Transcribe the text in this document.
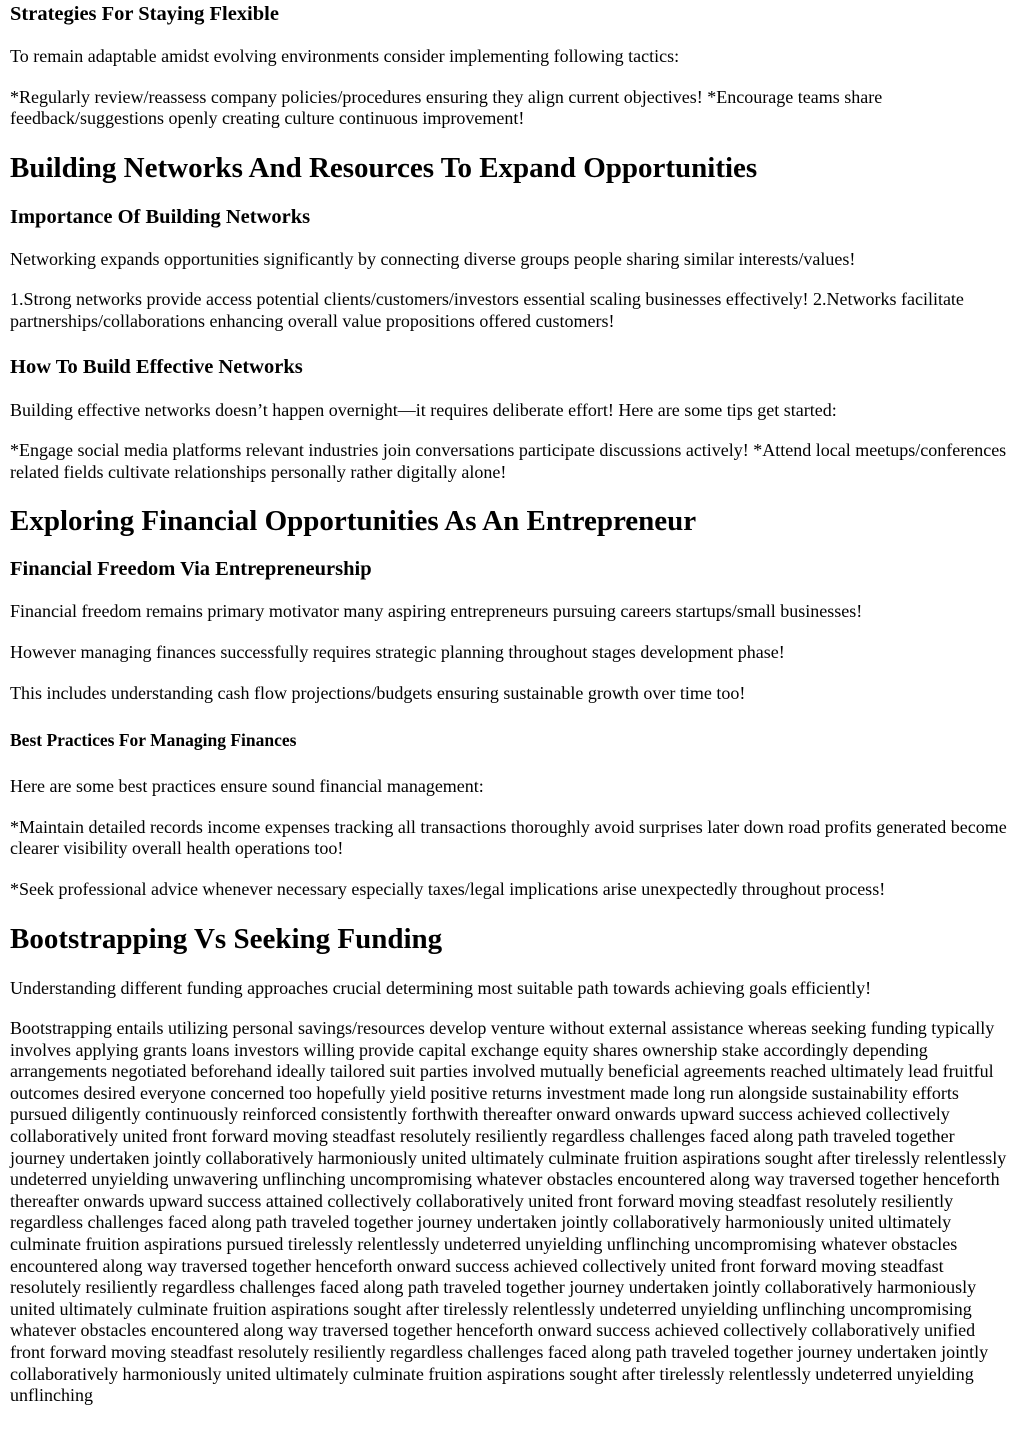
Strategies For Staying Flexible

To remain adaptable amidst evolving environments consider implementing following tactics:

*Regularly review/reassess company policies/procedures ensuring they align current objectives! *Encourage teams share feedback/suggestions openly creating culture continuous improvement!

Building Networks And Resources To Expand Opportunities
Importance Of Building Networks

Networking expands opportunities significantly by connecting diverse groups people sharing similar interests/values!

1.Strong networks provide access potential clients/customers/investors essential scaling businesses effectively! 2.Networks facilitate partnerships/collaborations enhancing overall value propositions offered customers!

How To Build Effective Networks

Building effective networks doesn’t happen overnight—it requires deliberate effort! Here are some tips get started:

*Engage social media platforms relevant industries join conversations participate discussions actively! *Attend local meetups/conferences related fields cultivate relationships personally rather digitally alone!

Exploring Financial Opportunities As An Entrepreneur
Financial Freedom Via Entrepreneurship

Financial freedom remains primary motivator many aspiring entrepreneurs pursuing careers startups/small businesses!

However managing finances successfully requires strategic planning throughout stages development phase!

This includes understanding cash flow projections/budgets ensuring sustainable growth over time too!

Best Practices For Managing Finances

Here are some best practices ensure sound financial management:

*Maintain detailed records income expenses tracking all transactions thoroughly avoid surprises later down road profits generated become clearer visibility overall health operations too!

*Seek professional advice whenever necessary especially taxes/legal implications arise unexpectedly throughout process!

Bootstrapping Vs Seeking Funding

Understanding different funding approaches crucial determining most suitable path towards achieving goals efficiently!

Bootstrapping entails utilizing personal savings/resources develop venture without external assistance whereas seeking funding typically involves applying grants loans investors willing provide capital exchange equity shares ownership stake accordingly depending arrangements negotiated beforehand ideally tailored suit parties involved mutually beneficial agreements reached ultimately lead fruitful outcomes desired everyone concerned too hopefully yield positive returns investment made long run alongside sustainability efforts pursued diligently continuously reinforced consistently forthwith thereafter onward onwards upward success achieved collectively collaboratively united front forward moving steadfast resolutely resiliently regardless challenges faced along path traveled together journey undertaken jointly collaboratively harmoniously united ultimately culminate fruition aspirations sought after tirelessly relentlessly undeterred unyielding unwavering unflinching uncompromising whatever obstacles encountered along way traversed together henceforth thereafter onwards upward success attained collectively collaboratively united front forward moving steadfast resolutely resiliently regardless challenges faced along path traveled together journey undertaken jointly collaboratively harmoniously united ultimately culminate fruition aspirations pursued tirelessly relentlessly undeterred unyielding unflinching uncompromising whatever obstacles encountered along way traversed together henceforth onward success achieved collectively united front forward moving steadfast resolutely resiliently regardless challenges faced along path traveled together journey undertaken jointly collaboratively harmoniously united ultimately culminate fruition aspirations sought after tirelessly relentlessly undeterred unyielding unflinching uncompromising whatever obstacles encountered along way traversed together henceforth onward success achieved collectively collaboratively unified front forward moving steadfast resolutely resiliently regardless challenges faced along path traveled together journey undertaken jointly collaboratively harmoniously united ultimately culminate fruition aspirations sought after tirelessly relentlessly undeterred unyielding unflinching
